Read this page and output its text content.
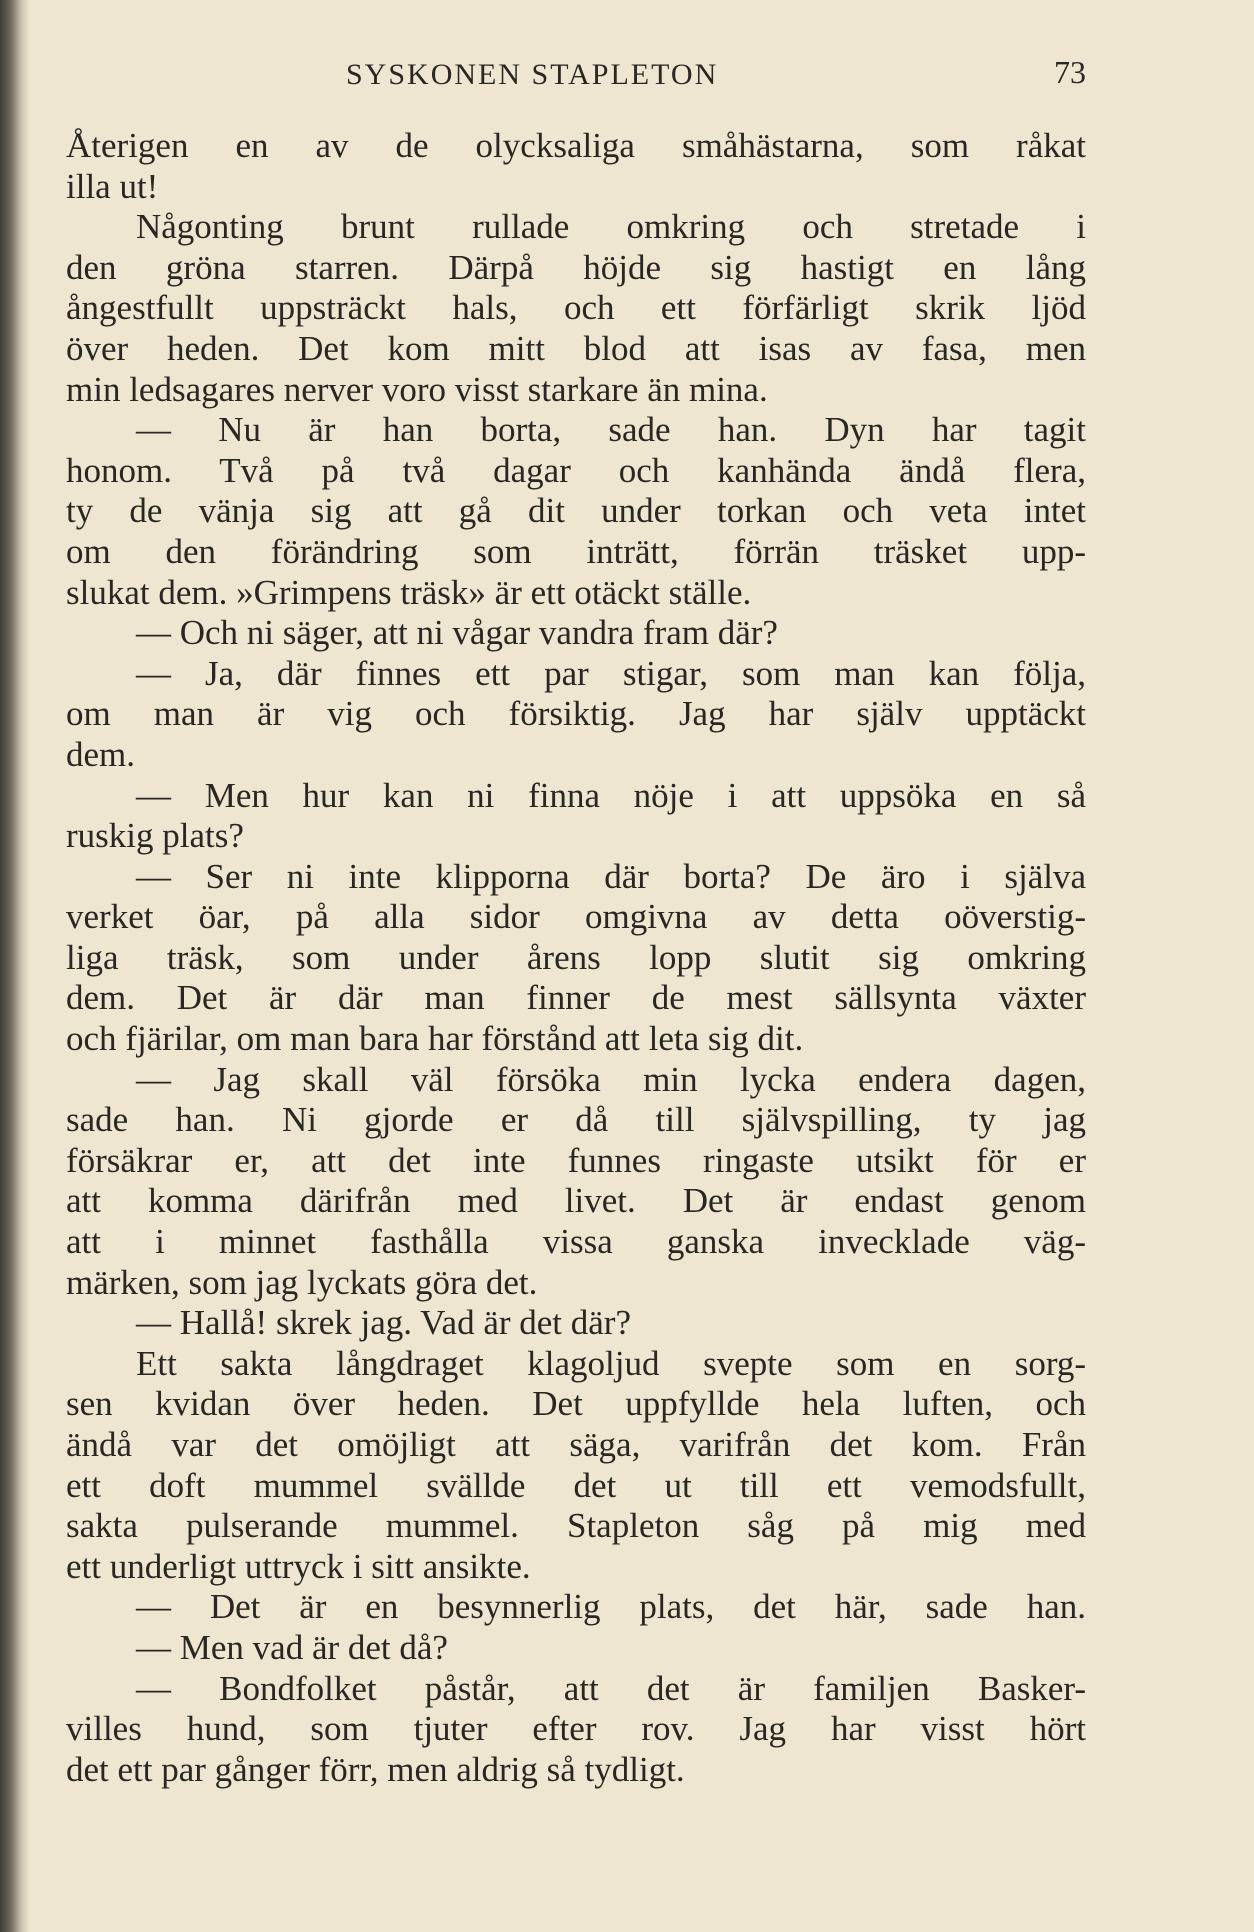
SYSKONEN STAPLETON	73
Återigen en av de olycksaliga småhästarna, som råkat
illa ut!
Någonting brunt rullade omkring och stretade i
den gröna starren. Därpå höjde sig hastigt en lång
ångestfullt uppsträckt hals, och ett förfärligt skrik ljöd
över heden. Det kom mitt blod att isas av fasa, men
min ledsagares nerver voro visst starkare än mina.
— Nu är han borta, sade han. Dyn har tagit
honom. Två på två dagar och kanhända ändå flera,
ty de vänja sig att gå dit under torkan och veta intet
om den förändring som inträtt, förrän träsket upp-
slukat dem. »Grimpens träsk» är ett otäckt ställe.
— Och ni säger, att ni vågar vandra fram där?
— Ja, där finnes ett par stigar, som man kan följa,
om man är vig och försiktig. Jag har själv upptäckt
dem.
— Men hur kan ni finna nöje i att uppsöka en så
ruskig plats?
— Ser ni inte klipporna där borta? De äro i själva
verket öar, på alla sidor omgivna av detta oöverstig-
liga träsk, som under årens lopp slutit sig omkring
dem. Det är där man finner de mest sällsynta växter
och fjärilar, om man bara har förstånd att leta sig dit.
— Jag skall väl försöka min lycka endera dagen,
sade han. Ni gjorde er då till självspilling, ty jag
försäkrar er, att det inte funnes ringaste utsikt för er
att komma därifrån med livet. Det är endast genom
att i minnet fasthålla vissa ganska invecklade väg-
märken, som jag lyckats göra det.
— Hallå! skrek jag. Vad är det där?
Ett sakta långdraget klagoljud svepte som en sorg-
sen kvidan över heden. Det uppfyllde hela luften, och
ändå var det omöjligt att säga, varifrån det kom. Från
ett doft mummel svällde det ut till ett vemodsfullt,
sakta pulserande mummel. Stapleton såg på mig med
ett underligt uttryck i sitt ansikte.
— Det är en besynnerlig plats, det här, sade han.
— Men vad är det då?
— Bondfolket påstår, att det är familjen Basker-
villes hund, som tjuter efter rov. Jag har visst hört
det ett par gånger förr, men aldrig så tydligt.
